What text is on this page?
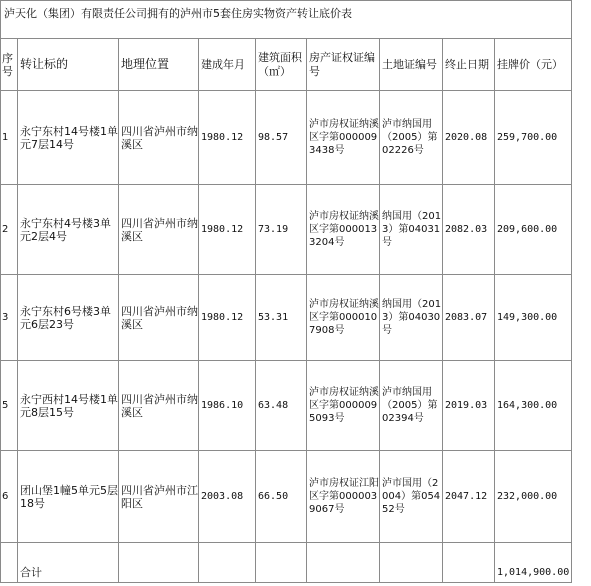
泸天化（集团）有限责任公司拥有的泸州市5套住房实物资产转让底价表								
序号	转让标的	地理位置	建成年月	建筑面积（㎡）	房产证权证编号	土地证编号	终止日期	挂牌价（元）
1	永宁东村14号楼1单元7层14号	四川省泸州市纳溪区	1980.12	98.57	泸市房权证纳溪区字第0000093438号	泸市纳国用（2005）第02226号	2020.08	259,700.00
2	永宁东村4号楼3单元2层4号	四川省泸州市纳溪区	1980.12	73.19	泸市房权证纳溪区字第0000133204号	纳国用（2013）第04031号	2082.03	209,600.00
3	永宁东村6号楼3单元6层23号	四川省泸州市纳溪区	1980.12	53.31	泸市房权证纳溪区字第0000107908号	纳国用（2013）第04030号	2083.07	149,300.00
5	永宁西村14号楼1单元8层15号	四川省泸州市纳溪区	1986.10	63.48	泸市房权证纳溪区字第0000095093号	泸市纳国用（2005）第02394号	2019.03	164,300.00
6	团山堡1幢5单元5层18号	四川省泸州市江阳区	2003.08	66.50	泸市房权证江阳区字第0000039067号	泸市国用（2004）第05452号	2047.12	232,000.00
	合计							1,014,900.00
